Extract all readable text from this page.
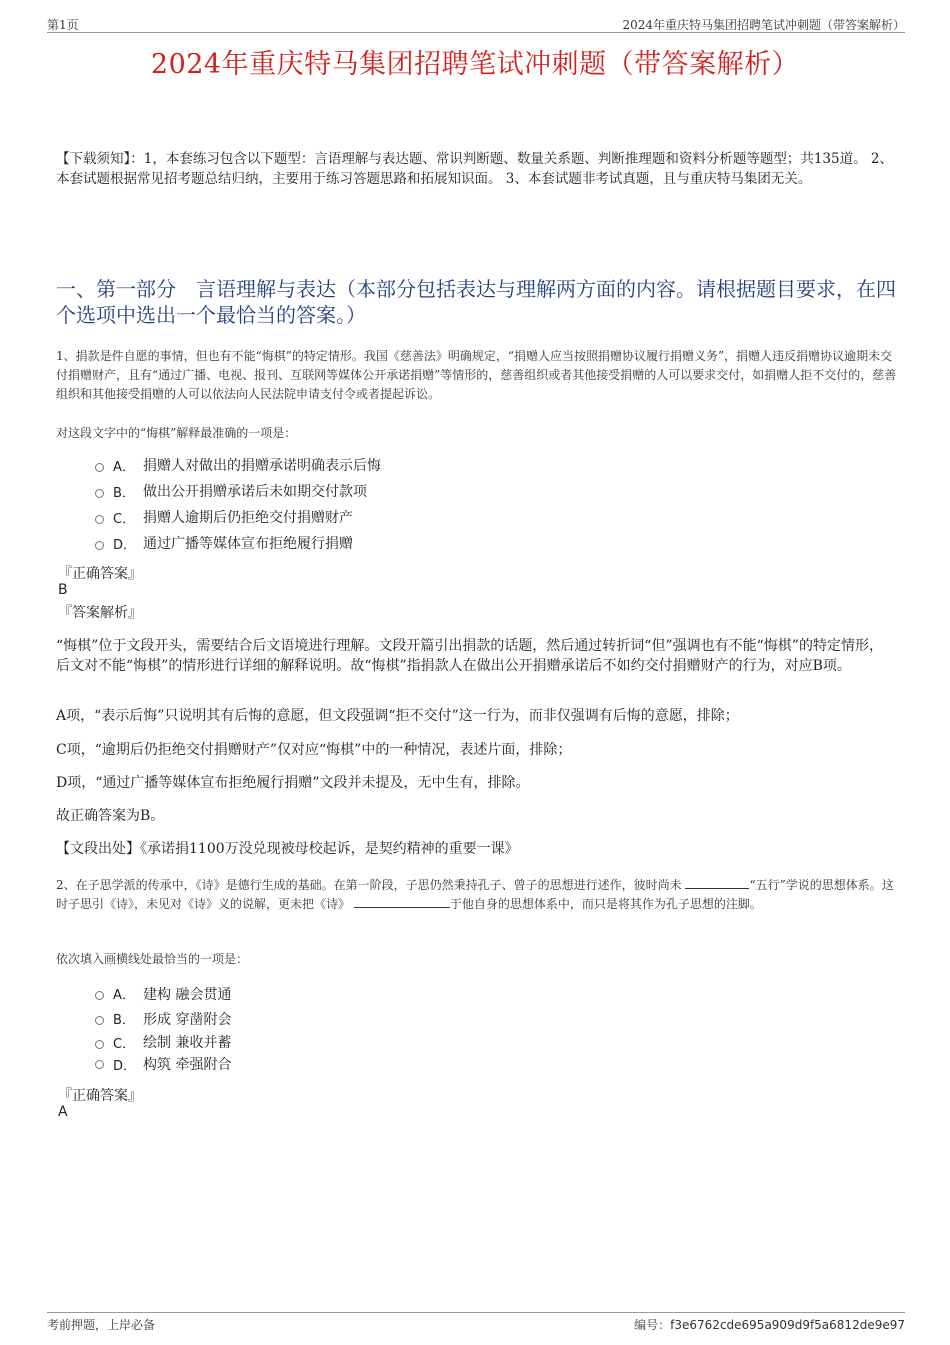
第1页	2024年重庆特马集团招聘笔试冲刺题（带答案解析）
2024年重庆特马集团招聘笔试冲刺题（带答案解析）
【下载须知】：1，本套练习包含以下题型：言语理解与表达题、常识判断题、数量关系题、判断推理题和资料分析题等题型；共135道。 2、本套试题根据常见招考题总结归纳，主要用于练习答题思路和拓展知识面。 3、本套试题非考试真题，且与重庆特马集团无关。
一、第一部分　言语理解与表达（本部分包括表达与理解两方面的内容。请根据题目要求，在四个选项中选出一个最恰当的答案。）
1、捐款是件自愿的事情，但也有不能“悔棋”的特定情形。我国《慈善法》明确规定，“捐赠人应当按照捐赠协议履行捐赠义务”，捐赠人违反捐赠协议逾期未交付捐赠财产，且有“通过广播、电视、报刊、互联网等媒体公开承诺捐赠”等情形的，慈善组织或者其他接受捐赠的人可以要求交付，如捐赠人拒不交付的，慈善组织和其他接受捐赠的人可以依法向人民法院申请支付令或者提起诉讼。
对这段文字中的“悔棋”解释最准确的一项是：
A． 捐赠人对做出的捐赠承诺明确表示后悔
B． 做出公开捐赠承诺后未如期交付款项
C． 捐赠人逾期后仍拒绝交付捐赠财产
D． 通过广播等媒体宣布拒绝履行捐赠
『正确答案』
B
『答案解析』
“悔棋”位于文段开头，需要结合后文语境进行理解。文段开篇引出捐款的话题，然后通过转折词“但”强调也有不能“悔棋”的特定情形，后文对不能“悔棋”的情形进行详细的解释说明。故“悔棋”指捐款人在做出公开捐赠承诺后不如约交付捐赠财产的行为，对应B项。
A项，“表示后悔”只说明其有后悔的意愿，但文段强调“拒不交付”这一行为，而非仅强调有后悔的意愿，排除；
C项，“逾期后仍拒绝交付捐赠财产”仅对应“悔棋”中的一种情况，表述片面，排除；
D项，“通过广播等媒体宣布拒绝履行捐赠”文段并未提及，无中生有，排除。
故正确答案为B。
【文段出处】《承诺捐1100万没兑现被母校起诉，是契约精神的重要一课》
2、在子思学派的传承中，《诗》是德行生成的基础。在第一阶段，子思仍然秉持孔子、曾子的思想进行述作，彼时尚未	“五行”学说的思想体系。这时子思引《诗》，未见对《诗》义的说解，更未把《诗》	于他自身的思想体系中，而只是将其作为孔子思想的注脚。
依次填入画横线处最恰当的一项是：
A． 建构 融会贯通
B． 形成 穿凿附会
C． 绘制 兼收并蓄
D． 构筑 牵强附合
『正确答案』
A
考前押题，上岸必备	编号：f3e6762cde695a909d9f5a6812de9e97
